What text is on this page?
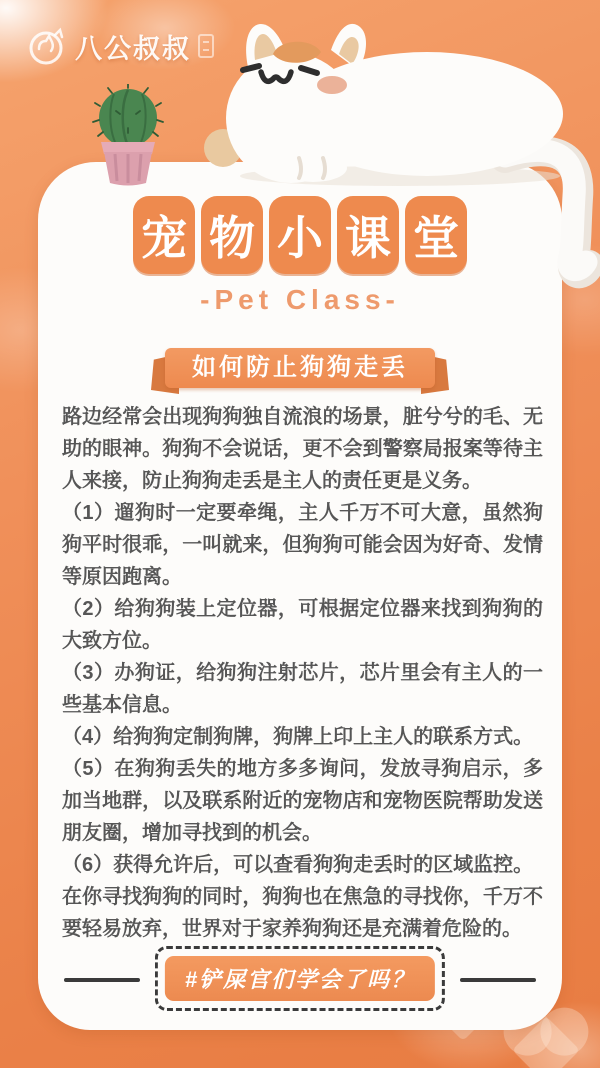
八公叔叔
宠 物 小 课 堂
-Pet Class-
如何防止狗狗走丢

路边经常会出现狗狗独自流浪的场景，脏兮兮的毛、无助的眼神。狗狗不会说话，更不会到警察局报案等待主人来接，防止狗狗走丢是主人的责任更是义务。

（1）遛狗时一定要牵绳，主人千万不可大意，虽然狗狗平时很乖，一叫就来，但狗狗可能会因为好奇、发情等原因跑离。

（2）给狗狗装上定位器，可根据定位器来找到狗狗的大致方位。

（3）办狗证，给狗狗注射芯片，芯片里会有主人的一些基本信息。

（4）给狗狗定制狗牌，狗牌上印上主人的联系方式。

（5）在狗狗丢失的地方多多询问，发放寻狗启示，多加当地群，以及联系附近的宠物店和宠物医院帮助发送朋友圈，增加寻找到的机会。

（6）获得允许后，可以查看狗狗走丢时的区域监控。

在你寻找狗狗的同时，狗狗也在焦急的寻找你，千万不要轻易放弃，世界对于家养狗狗还是充满着危险的。

#铲屎官们学会了吗？
